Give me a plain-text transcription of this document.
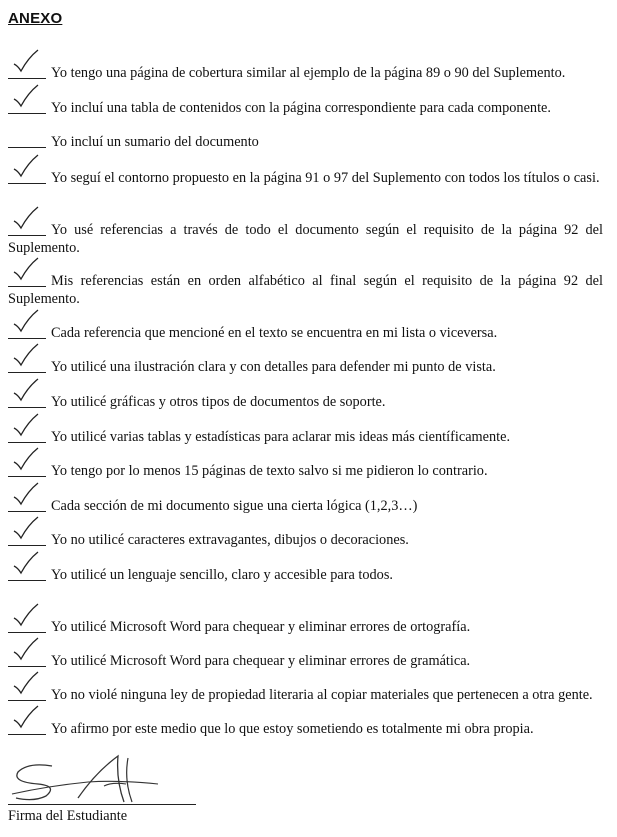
ANEXO
Yo tengo una página de cobertura similar al ejemplo de la página 89 o 90 del Suplemento.
Yo incluí una tabla de contenidos con la página correspondiente para cada componente.
Yo incluí un sumario del documento
Yo seguí el contorno propuesto en la página 91 o 97 del Suplemento con todos los títulos o casi.
Yo usé referencias a través de todo el documento según el requisito de la página 92 del Suplemento.
Mis referencias están en orden alfabético al final según el requisito de la página 92 del Suplemento.
Cada referencia que mencioné en el texto se encuentra en mi lista o viceversa.
Yo utilicé una ilustración clara y con detalles para defender mi punto de vista.
Yo utilicé gráficas y otros tipos de documentos de soporte.
Yo utilicé varias tablas y estadísticas para aclarar mis ideas más científicamente.
Yo tengo por lo menos 15 páginas de texto salvo si me pidieron lo contrario.
Cada sección de mi documento sigue una cierta lógica (1,2,3…)
Yo no utilicé caracteres extravagantes, dibujos o decoraciones.
Yo utilicé un lenguaje sencillo, claro y accesible para todos.
Yo utilicé Microsoft Word para chequear y eliminar errores de ortografía.
Yo utilicé Microsoft Word para chequear y eliminar errores de gramática.
Yo no violé ninguna ley de propiedad literaria al copiar materiales que pertenecen a otra gente.
Yo afirmo por este medio que lo que estoy sometiendo es totalmente mi obra propia.
Firma del Estudiante
